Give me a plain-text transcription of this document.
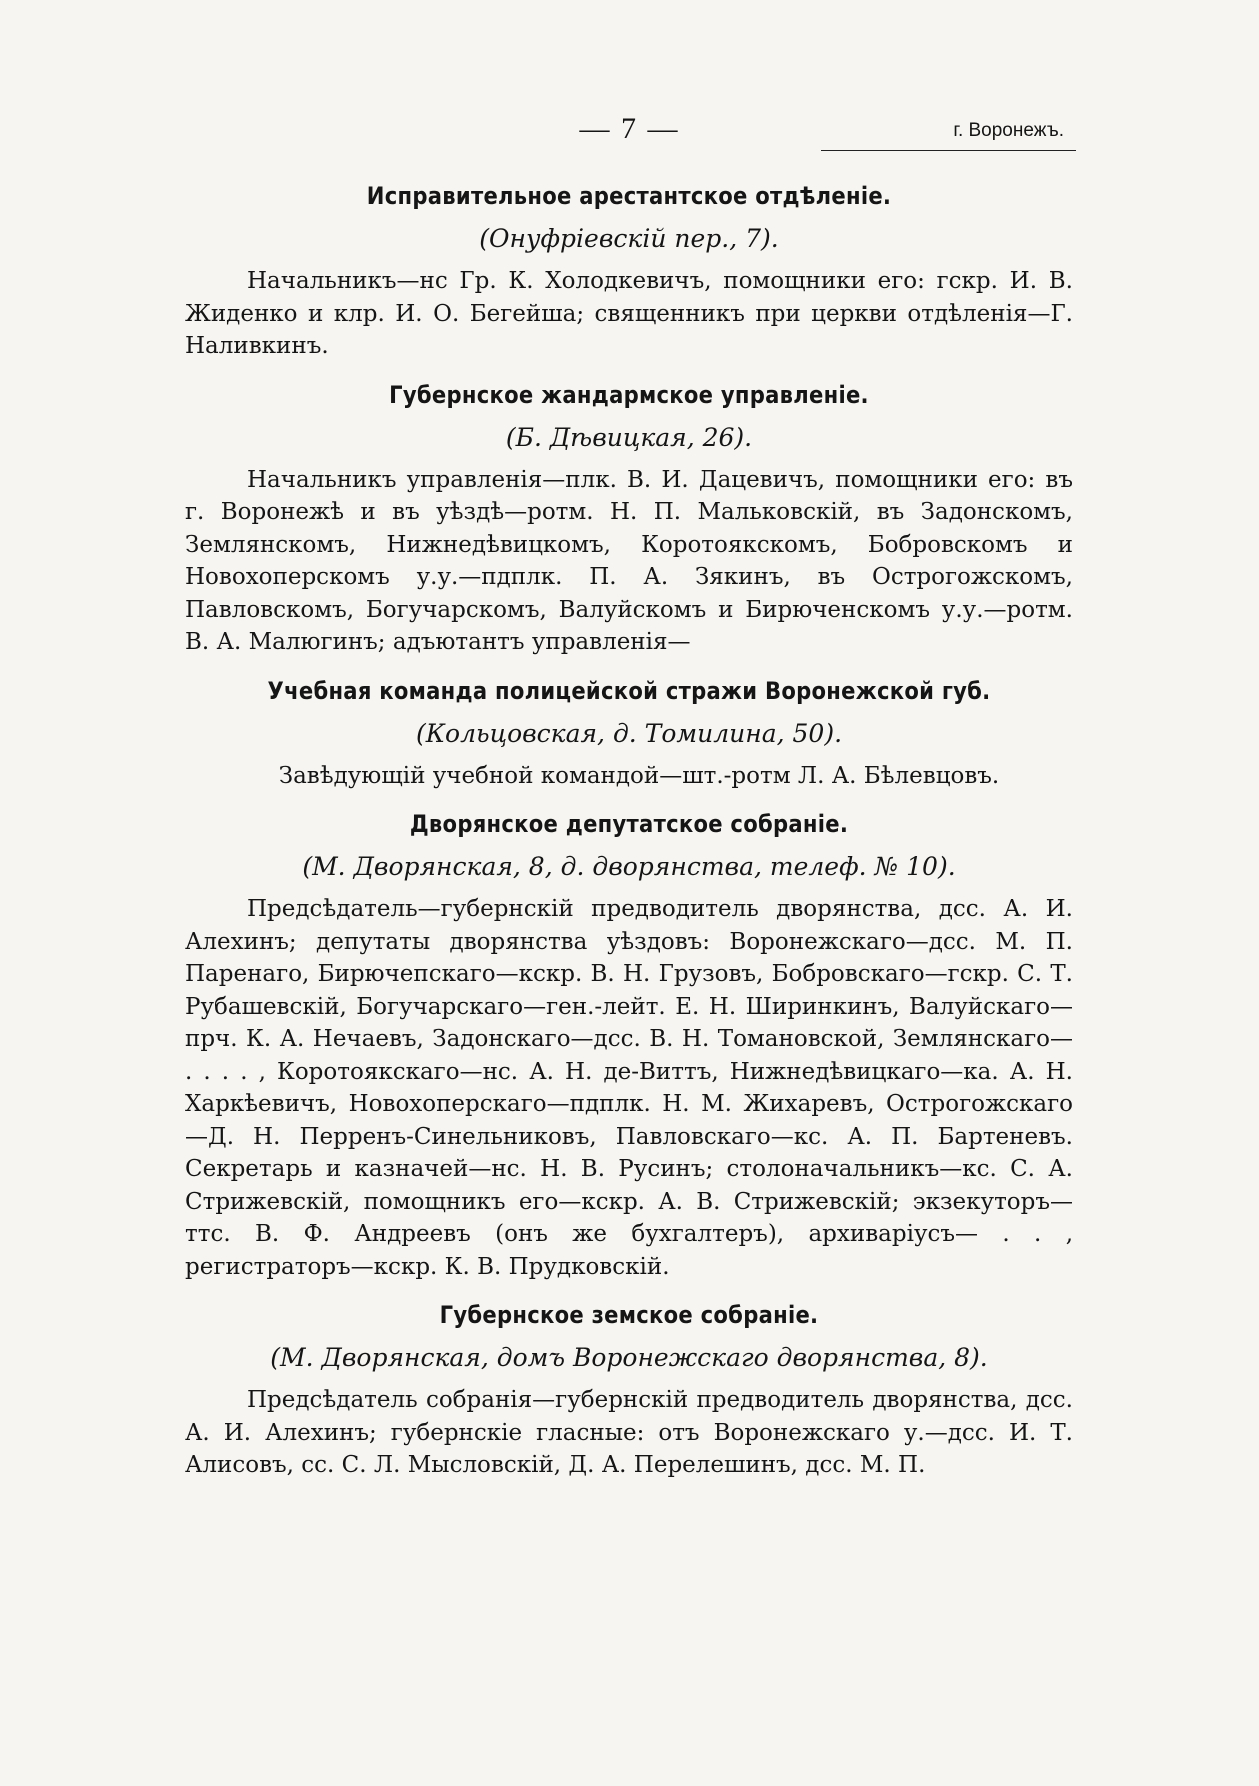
— 7 —	г. Воронежъ.
Исправительное арестантское отдѣленіе.
(Онуфріевскій пер., 7).

Начальникъ—нс Гр. К. Холодкевичъ, помощники его: гскр. И. В. Жиденко и клр. И. О. Бегейша; священникъ при церкви отдѣленія—Г. Наливкинъ.

Губернское жандармское управленіе.
(Б. Дѣвицкая, 26).

Начальникъ управленія—плк. В. И. Дацевичъ, помощники его: въ г. Воронежѣ и въ уѣздѣ—ротм. Н. П. Мальковскій, въ Задонскомъ, Землянскомъ, Нижнедѣвицкомъ, Коротоякскомъ, Бобровскомъ и Новохоперскомъ у.у.—пдплк. П. А. Зякинъ, въ Острогожскомъ, Павловскомъ, Богучарскомъ, Валуйскомъ и Бирюченскомъ у.у.—ротм. В. А. Малюгинъ; адъютантъ управленія—

Учебная команда полицейской стражи Воронежской губ.
(Кольцовская, д. Томилина, 50).

Завѣдующій учебной командой—шт.-ротм Л. А. Бѣлевцовъ.

Дворянское депутатское собраніе.
(М. Дворянская, 8, д. дворянства, телеф. № 10).

Предсѣдатель—губернскій предводитель дворянства, дсс. А. И. Алехинъ; депутаты дворянства уѣздовъ: Воронежскаго—дсс. М. П. Паренаго, Бирючепскаго—кскр. В. Н. Грузовъ, Бобровскаго—гскр. С. Т. Рубашевскій, Богучарскаго—ген.-лейт. Е. Н. Ширинкинъ, Валуйскаго—прч. К. А. Нечаевъ, Задонскаго—дсс. В. Н. Томановской, Землянскаго— . . . . , Коротоякскаго—нс. А. Н. де-Виттъ, Нижнедѣвицкаго—ка. А. Н. Харкѣевичъ, Новохоперскаго—пдплк. Н. М. Жихаревъ, Острогожскаго—Д. Н. Перренъ-Синельниковъ, Павловскаго—кс. А. П. Бартеневъ. Секретарь и казначей—нс. Н. В. Русинъ; столоначальникъ—кс. С. А. Стрижевскій, помощникъ его—кскр. А. В. Стрижевскій; экзекуторъ—ттс. В. Ф. Андреевъ (онъ же бухгалтеръ), архиваріусъ— . . , регистраторъ—кскр. К. В. Прудковскій.

Губернское земское собраніе.
(М. Дворянская, домъ Воронежскаго дворянства, 8).

Предсѣдатель собранія—губернскій предводитель дворянства, дсс. А. И. Алехинъ; губернскіе гласные: отъ Воронежскаго у.—дсс. И. Т. Алисовъ, сс. С. Л. Мысловскій, Д. А. Перелешинъ, дсс. М. П.
